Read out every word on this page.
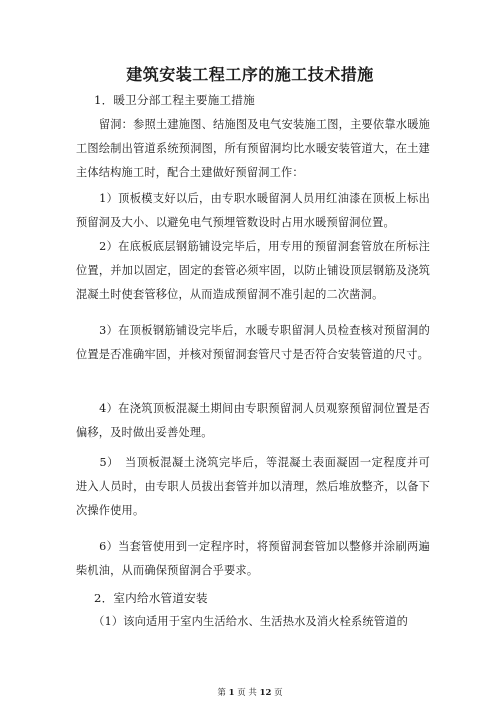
建筑安装工程工序的施工技术措施
1．暖卫分部工程主要施工措施
　　留洞：参照土建施图、结施图及电气安装施工图，主要依靠水暖施工图绘制出管道系统预洞图，所有预留洞均比水暖安装管道大，在土建主体结构施工时，配合土建做好预留洞工作：
　　1）顶板模支好以后，由专职水暖留洞人员用红油漆在顶板上标出预留洞及大小、以避免电气预埋管数设时占用水暖预留洞位置。
　　2）在底板底层钢筋铺设完毕后，用专用的预留洞套管放在所标注位置，并加以固定，固定的套管必须牢固，以防止铺设顶层钢筋及浇筑混凝土时使套管移位，从而造成预留洞不准引起的二次凿洞。
　　3）在顶板钢筋铺设完毕后，水暖专职留洞人员检查核对预留洞的位置是否准确牢固，并核对预留洞套管尺寸是否符合安装管道的尺寸。
　　4）在浇筑顶板混凝土期间由专职预留洞人员观察预留洞位置是否偏移，及时做出妥善处理。
　　5）　当顶板混凝土浇筑完毕后，等混凝土表面凝固一定程度并可进入人员时，由专职人员拔出套管并加以清理，然后堆放整齐，以备下次操作使用。
　　6）当套管使用到一定程序时，将预留洞套管加以整修并涂刷两遍柴机油，从而确保预留洞合乎要求。
2．室内给水管道安装
　　（1）该向适用于室内生活给水、生活热水及消火栓系统管道的
第 1 页 共 12 页
